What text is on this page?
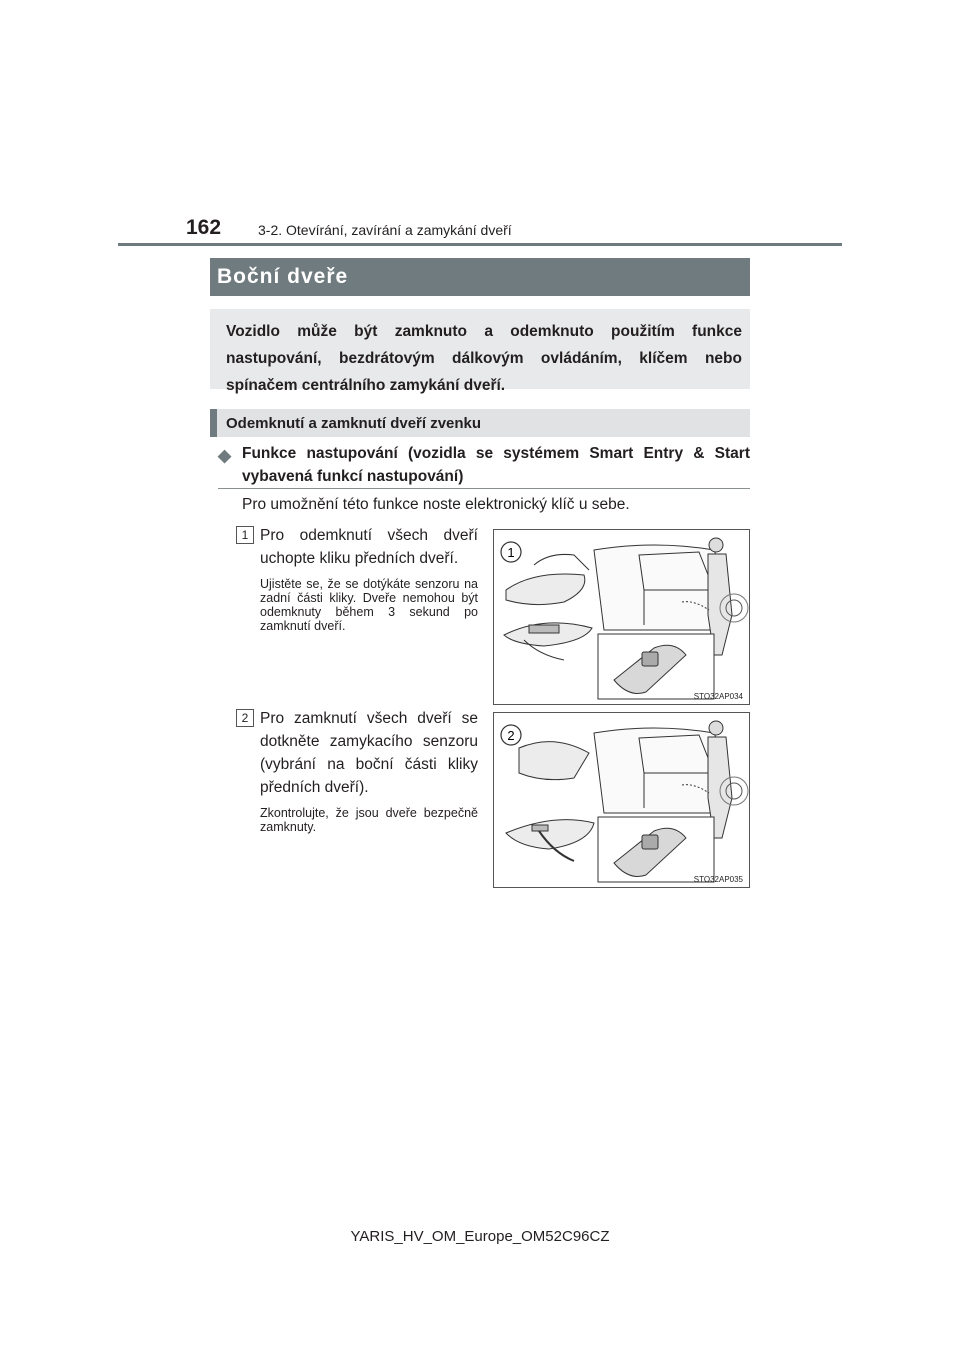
162	3-2. Otevírání, zavírání a zamykání dveří
Boční dveře
Vozidlo může být zamknuto a odemknuto použitím funkce nastupování, bezdrátovým dálkovým ovládáním, klíčem nebo spínačem centrálního zamykání dveří.
Odemknutí a zamknutí dveří zvenku
◆ Funkce nastupování (vozidla se systémem Smart Entry & Start vybavená funkcí nastupování)
Pro umožnění této funkce noste elektronický klíč u sebe.
1 Pro odemknutí všech dveří uchopte kliku předních dveří.
Ujistěte se, že se dotýkáte senzoru na zadní části kliky. Dveře nemohou být odemknuty během 3 sekund po zamknutí dveří.
1
STO32AP034
2 Pro zamknutí všech dveří se dotkněte zamykacího senzoru (vybrání na boční části kliky předních dveří).
Zkontrolujte, že jsou dveře bezpečně zamknuty.
2
STO32AP035
YARIS_HV_OM_Europe_OM52C96CZ
